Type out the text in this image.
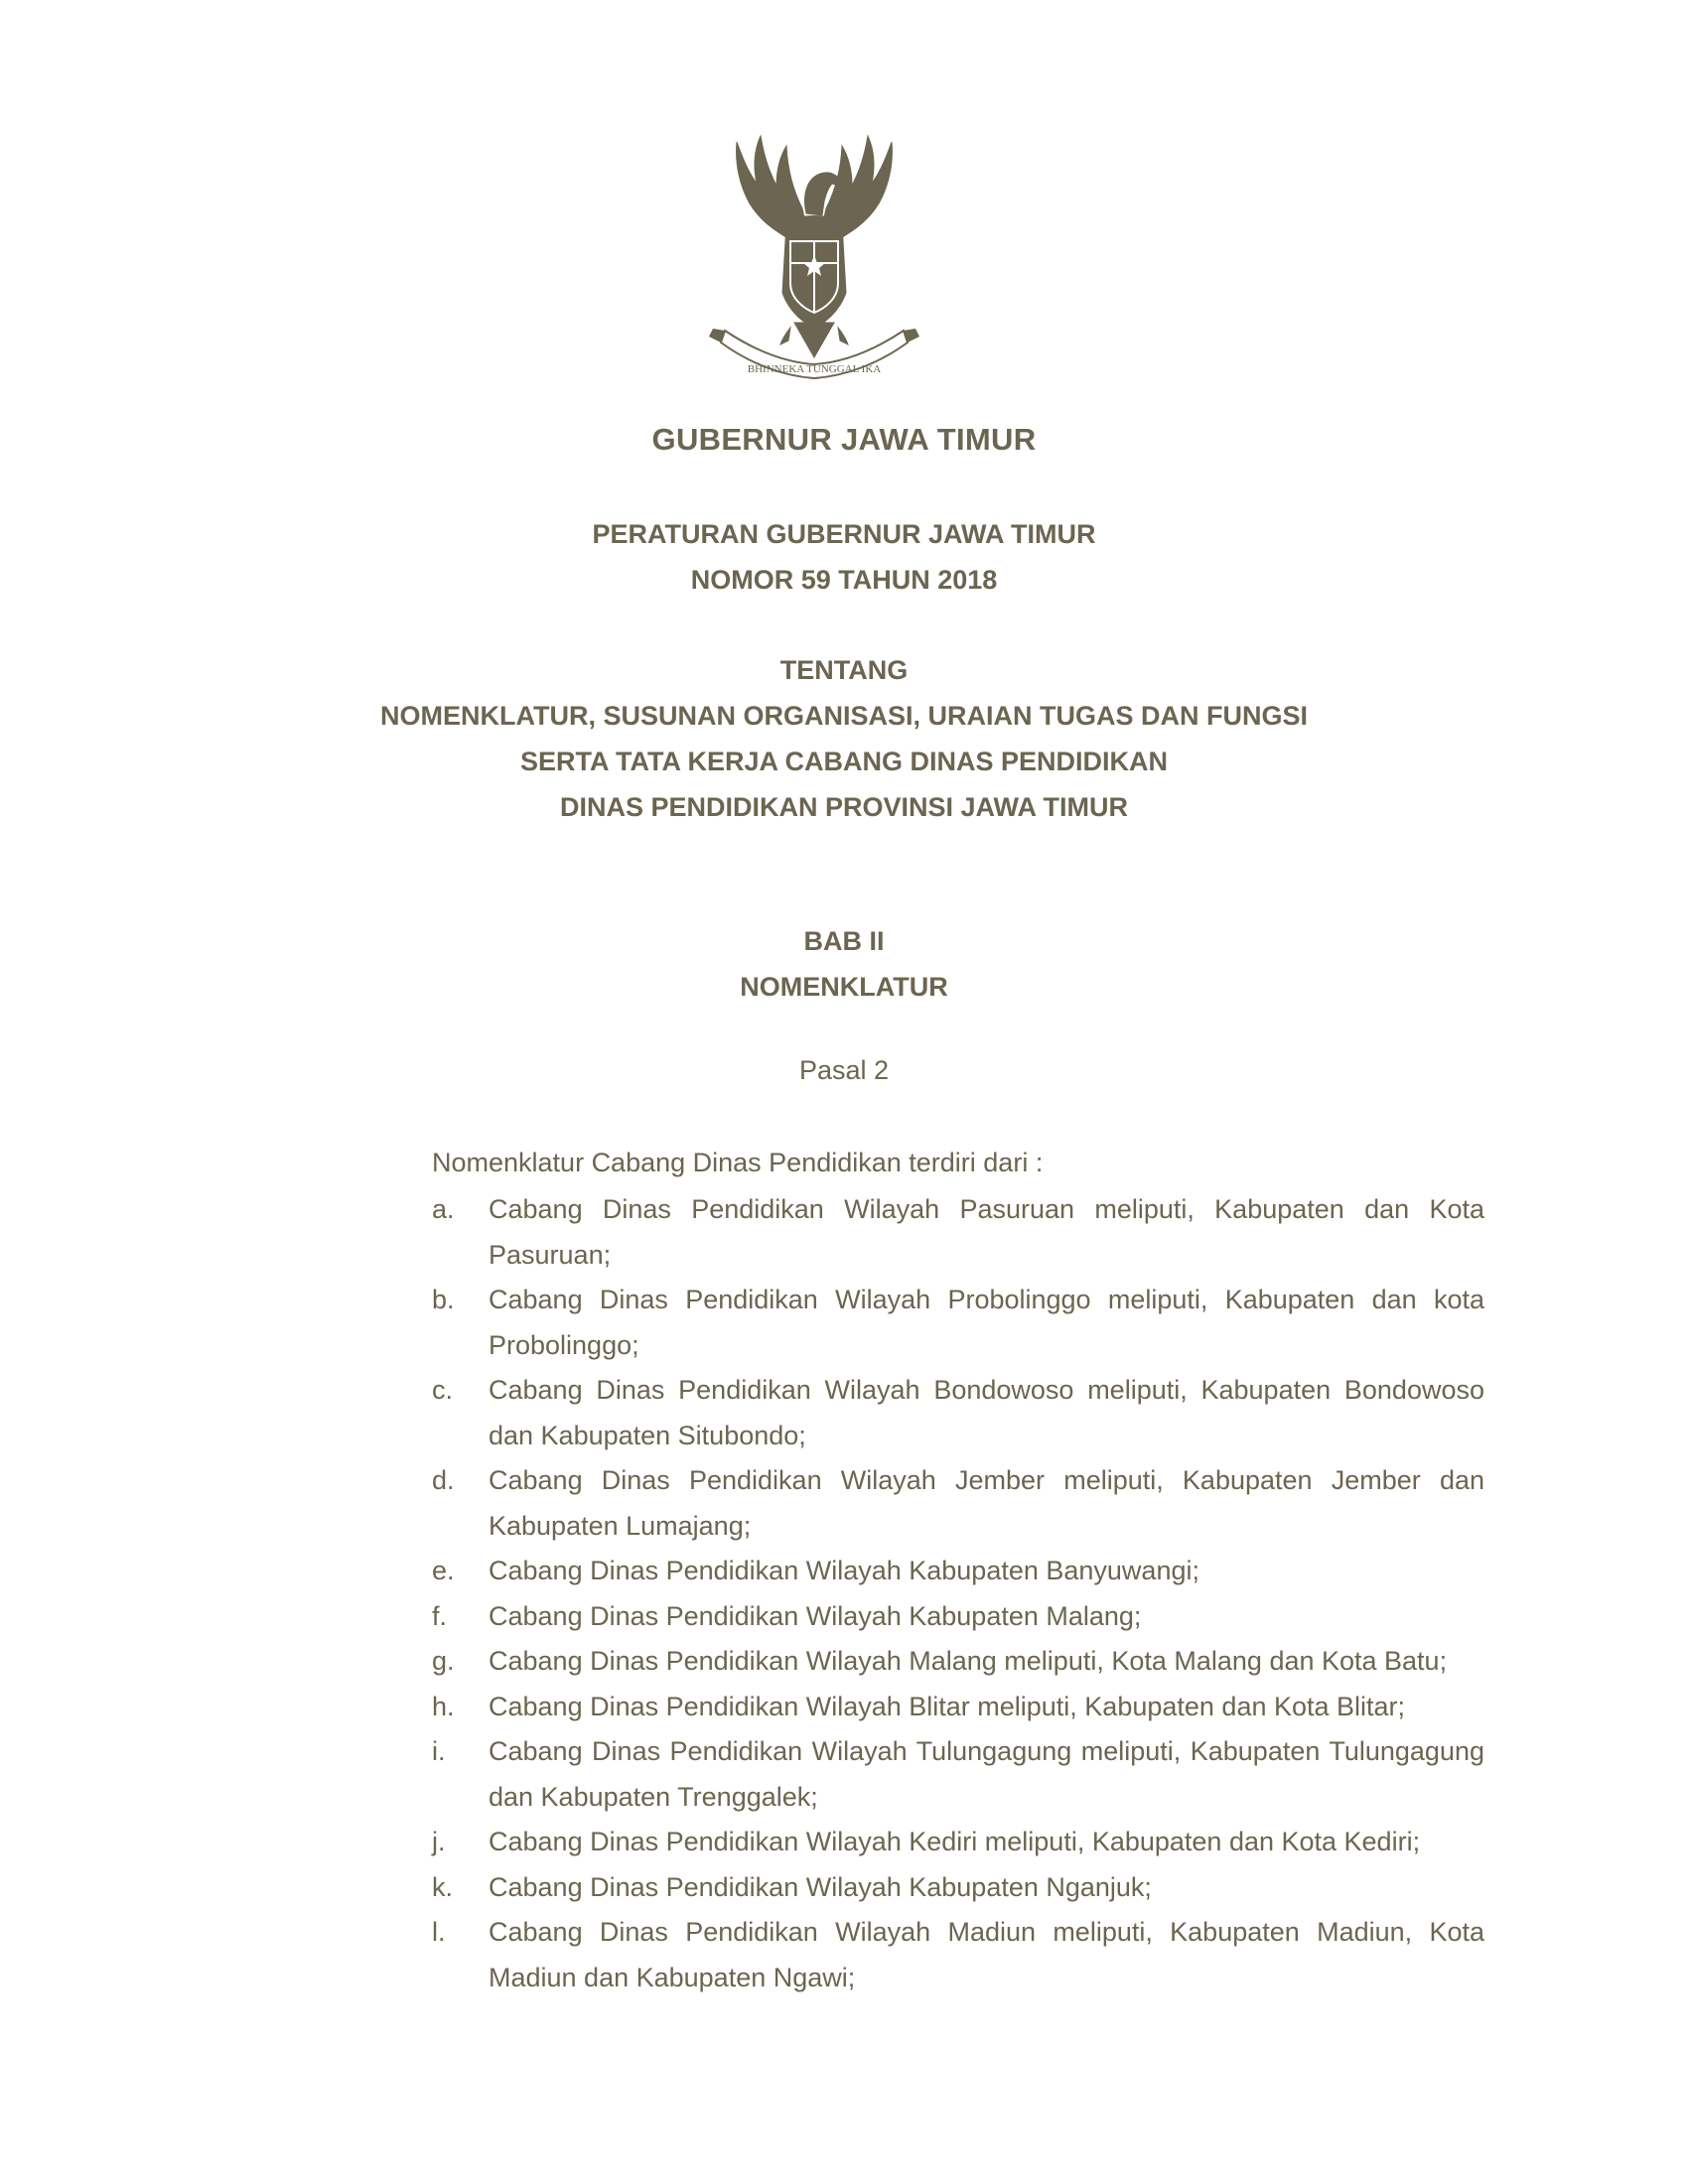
BHINNEKA TUNGGAL IKA
GUBERNUR JAWA TIMUR
PERATURAN GUBERNUR JAWA TIMUR
NOMOR 59 TAHUN 2018
TENTANG
NOMENKLATUR, SUSUNAN ORGANISASI, URAIAN TUGAS DAN FUNGSI
SERTA TATA KERJA CABANG DINAS PENDIDIKAN
DINAS PENDIDIKAN PROVINSI JAWA TIMUR
BAB II
NOMENKLATUR
Pasal 2
Nomenklatur Cabang Dinas Pendidikan terdiri dari :
a.	Cabang Dinas Pendidikan Wilayah Pasuruan meliputi, Kabupaten dan Kota Pasuruan;
b.	Cabang Dinas Pendidikan Wilayah Probolinggo meliputi, Kabupaten dan kota Probolinggo;
c.	Cabang Dinas Pendidikan Wilayah Bondowoso meliputi, Kabupaten Bondowoso dan Kabupaten Situbondo;
d.	Cabang Dinas Pendidikan Wilayah Jember meliputi, Kabupaten Jember dan Kabupaten Lumajang;
e.	Cabang Dinas Pendidikan Wilayah Kabupaten Banyuwangi;
f.	Cabang Dinas Pendidikan Wilayah Kabupaten Malang;
g.	Cabang Dinas Pendidikan Wilayah Malang meliputi, Kota Malang dan Kota Batu;
h.	Cabang Dinas Pendidikan Wilayah Blitar meliputi, Kabupaten dan Kota Blitar;
i.	Cabang Dinas Pendidikan Wilayah Tulungagung meliputi, Kabupaten Tulungagung dan Kabupaten Trenggalek;
j.	Cabang Dinas Pendidikan Wilayah Kediri meliputi, Kabupaten dan Kota Kediri;
k.	Cabang Dinas Pendidikan Wilayah Kabupaten Nganjuk;
l.	Cabang Dinas Pendidikan Wilayah Madiun meliputi, Kabupaten Madiun, Kota Madiun dan Kabupaten Ngawi;
